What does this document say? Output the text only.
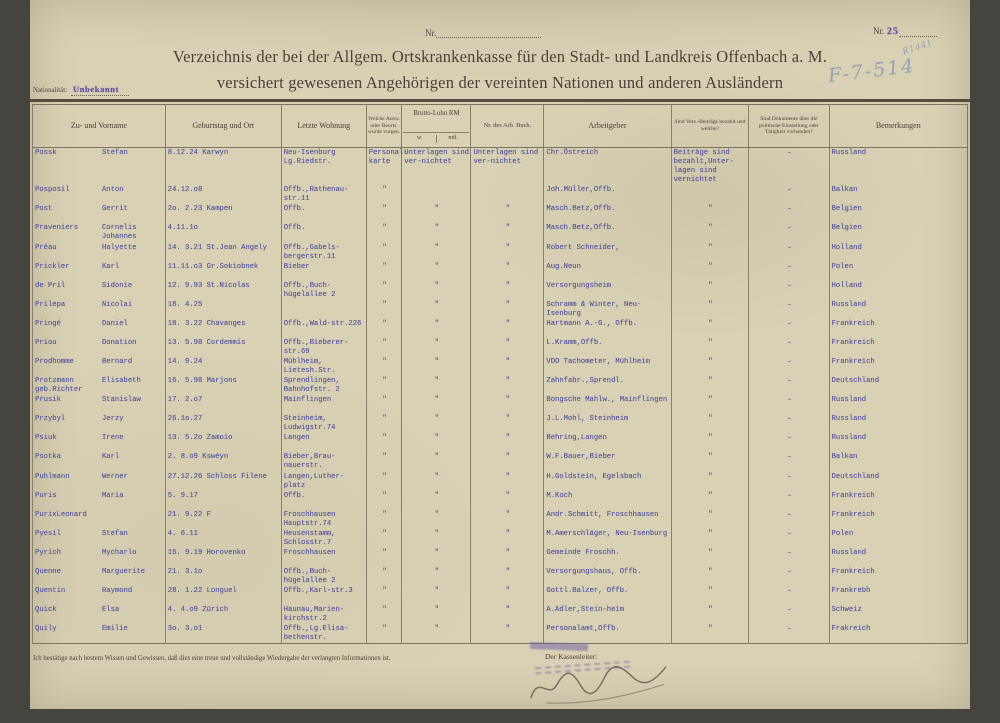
Nr.	Nr. 25
R1441
F-7-514
Verzeichnis der bei der Allgem. Ortskrankenkasse für den Stadt- und Landkreis Offenbach a. M.
versichert gewesenen Angehörigen der vereinten Nationen und anderen Ausländern
Nationalität: Unbekannt
Zu- und Vorname	Geburtstag und Ort	Letzte Wohnung	Welche Ausw. oder Beorts. wurde vorgen.	Brutto-Lohn RM
w. mtl.	Nr. des Arb. Buch.	Arbeitgeber	Sind Vers.-Beiträge bezahlt und welche?	Sind Dokumente über die politische Einstellung oder Tätigkeit vorhanden?	Bemerkungen
Possk Stefan	8.12.24 Karwyn	Neu-Isenburg Lg.Riedstr.	Personal-karte	Unterlagen sind ver-nichtet	Unterlagen sind ver-nichtet	Chr.Östreich	Beiträge sind bezahlt,Unter-lagen sind vernichtet	–	Russland
Posposil Anton	24.12.o8	Offb.,Rathenau-str.11	"			Joh.Müller,Offb.		–	Balkan
Post Gerrit	2o. 2.23 Kampen	Offb.	"	"	"	Masch.Betz,Offb.	"	–	Belgien
Praveniers Cornelis Johannes	4.11.1o	Offb.	"	"	"	Masch.Betz,Offb.	"	–	Belgien
Préau Halyette	14. 3.21 St.Jean Angely	Offb.,Gabels-bergerstr.11	"	"	"	Robert Schneider,	"	–	Holland
Prickler Karl	11.11.o3 Gr.Sokiobnek	Bieber	"	"	"	Aug.Neun	"	–	Polen
de Pril Sidonie	12. 9.93 St.Nicolas	Offb.,Buch-hügelallee 2	"	"	"	Versorgungsheim	"	–	Holland
Prilepa Nicolai	18. 4.25		"	"	"	Schramm & Winter, Neu-Isenburg	"	–	Russland
Pringé Daniel	18. 3.22 Chavanges	Offb.,Wald-str.226	"	"	"	Hartmann A.-G., Offb.	"	–	Frankreich
Priou Donation	13. 5.98 Cordemmis	Offb.,Bieberer-str.69	"	"	"	L.Kramm,Offb.	"	–	Frankreich
Prodhomme Bernard	14. 9.24	Mühlheim, Lietesh.Str.	"	"	"	VDO Tachometer, Mühlheim	"	–	Frankreich
Protzmann geb.RichterElisabeth	16. 5.98 Marjons	Sprendlingen, Bahnhofstr. 2	"	"	"	Zahnfabr.,Sprendl.	"	–	Deutschland
Prusik Stanislaw	17. 2.o7	Mainflingen	"	"	"	Bongsche Mahlw., Mainflingen	"	–	Russland
Przybyl Jerzy	26.1o.27	Steinheim, Ludwigstr.74	"	"	"	J.L.Mohl, Steinheim	"	–	Russland
Psiuk Irene	13. 5.2o Zamoio	Langen	"	"	"	Behring,Langen	"	–	Russland
Psotka Karl	2. 8.o9 Kswéyn	Bieber,Brau-nauerstr.	"	"	"	W.F.Bauer,Bieber	"	–	Balkan
Puhlmann Werner	27.12.26 Schloss Filene	Langen,Luther-platz	"	"	"	H.Goldstein, Egelsbach	"	–	Deutschland
Puris Maria	5. 9.17	Offb.	"	"	"	M.Koch	"	–	Frankreich
PurixLeonard	21. 9.22 F	Froschhausen Hauptstr.74	"	"	"	Andr.Schmitt, Froschhausen	"	–	Frankreich
Pyesil Stefan	4. 6.11	Heusenstamm, Schlosstr.7	"	"	"	M.Amerschläger, Neu-Isenburg	"	–	Polen
Pyrich Mycharlo	15. 9.19 Horovenko	Froschhausen	"	"	"	Gemeinde Froschh.	"	–	Russland
Quenne Marguerite	21. 3.1o	Offb.,Buch-hügelallee 2	"	"	"	Versorgungshaus, Offb.	"	–	Frankreich
Quentin Raymond	28. 1.22 Longuel	Offb.,Karl-str.3	"	"	"	Gottl.Balzer, Offb.	"	–	Frankrebh
Quick Elsa	4. 4.o9 Zürich	Haunau,Marien-kirchstr.2	"	"	"	A.Adler,Stein-heim	"	–	Schweiz
Quily Emilie	3o. 3.o1	Offb.,Lg.Elisa-bethenstr.	"	"	"	Personalamt,Offb.	"	–	Frakreich
Ich bestätige nach bestem Wissen und Gewissen, daß dies eine treue und vollständige Wiedergabe der verlangten Informationen ist.	Der Kassenleiter:
